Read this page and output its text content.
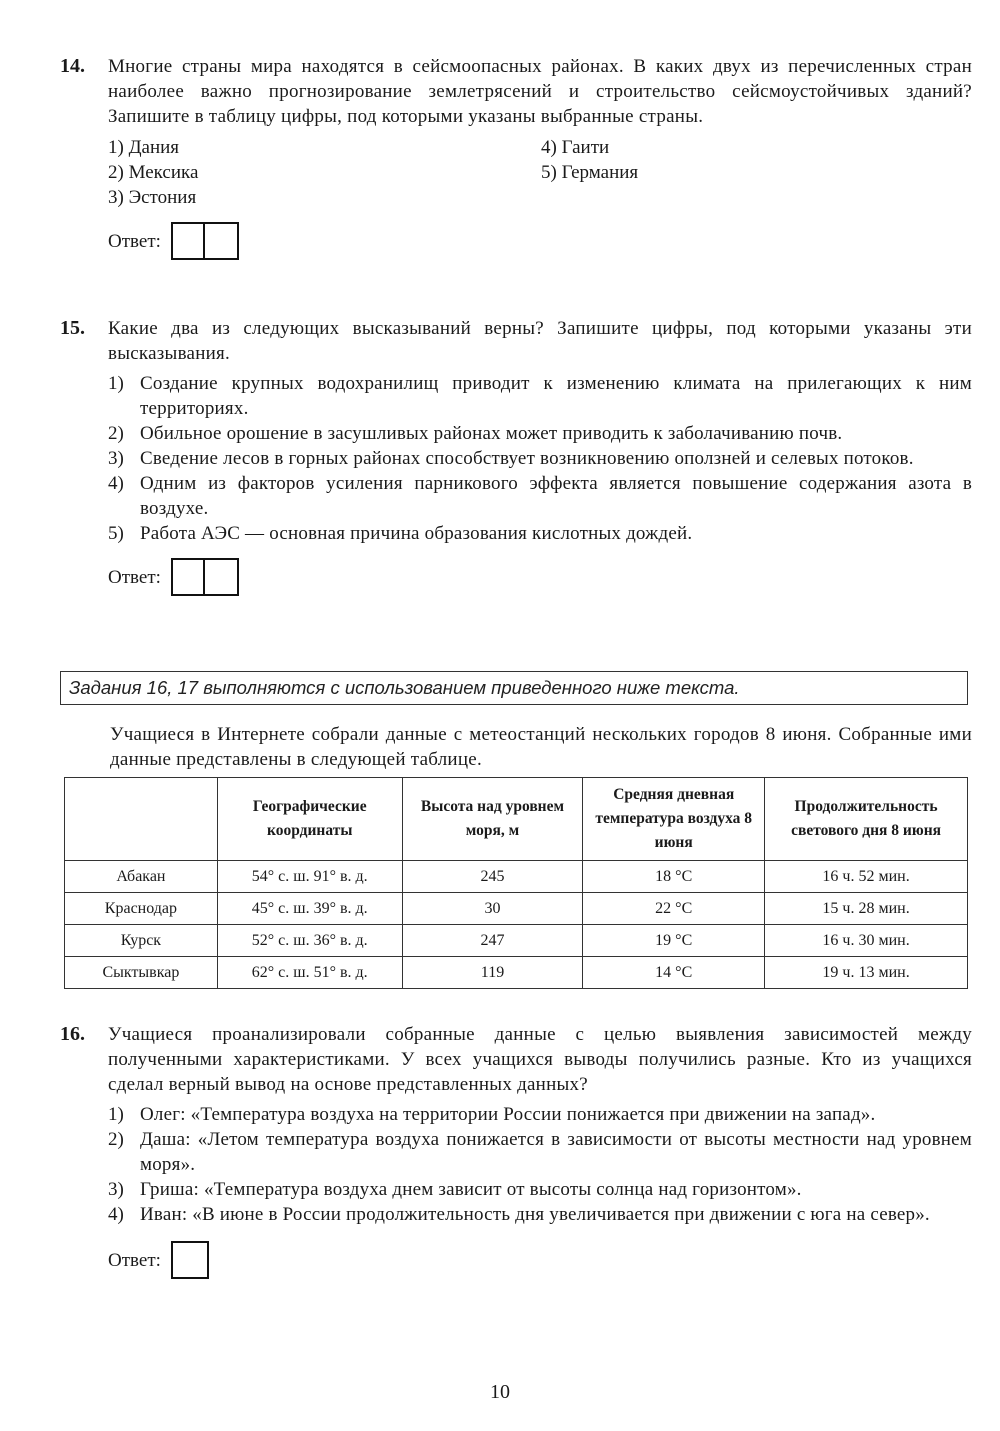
14. Многие страны мира находятся в сейсмоопасных районах. В каких двух из перечисленных стран наиболее важно прогнозирование землетрясений и строительство сейсмоустойчивых зданий? Запишите в таблицу цифры, под которыми указаны выбранные страны.
1) Дания
2) Мексика
3) Эстония
4) Гаити
5) Германия
Ответ:
15. Какие два из следующих высказываний верны? Запишите цифры, под которыми указаны эти высказывания.
1) Создание крупных водохранилищ приводит к изменению климата на прилегающих к ним территориях.
2) Обильное орошение в засушливых районах может приводить к заболачиванию почв.
3) Сведение лесов в горных районах способствует возникновению оползней и селевых потоков.
4) Одним из факторов усиления парникового эффекта является повышение содержания азота в воздухе.
5) Работа АЭС — основная причина образования кислотных дождей.
Ответ:
Задания 16, 17 выполняются с использованием приведенного ниже текста.
Учащиеся в Интернете собрали данные с метеостанций нескольких городов 8 июня. Собранные ими данные представлены в следующей таблице.
	Географические координаты	Высота над уровнем моря, м	Средняя дневная температура воздуха 8 июня	Продолжительность светового дня 8 июня
Абакан	54° с. ш. 91° в. д.	245	18 °С	16 ч. 52 мин.
Краснодар	45° с. ш. 39° в. д.	30	22 °С	15 ч. 28 мин.
Курск	52° с. ш. 36° в. д.	247	19 °С	16 ч. 30 мин.
Сыктывкар	62° с. ш. 51° в. д.	119	14 °С	19 ч. 13 мин.
16. Учащиеся проанализировали собранные данные с целью выявления зависимостей между полученными характеристиками. У всех учащихся выводы получились разные. Кто из учащихся сделал верный вывод на основе представленных данных?
1) Олег: «Температура воздуха на территории России понижается при движении на запад».
2) Даша: «Летом температура воздуха понижается в зависимости от высоты местности над уровнем моря».
3) Гриша: «Температура воздуха днем зависит от высоты солнца над горизонтом».
4) Иван: «В июне в России продолжительность дня увеличивается при движении с юга на север».
Ответ:
10
